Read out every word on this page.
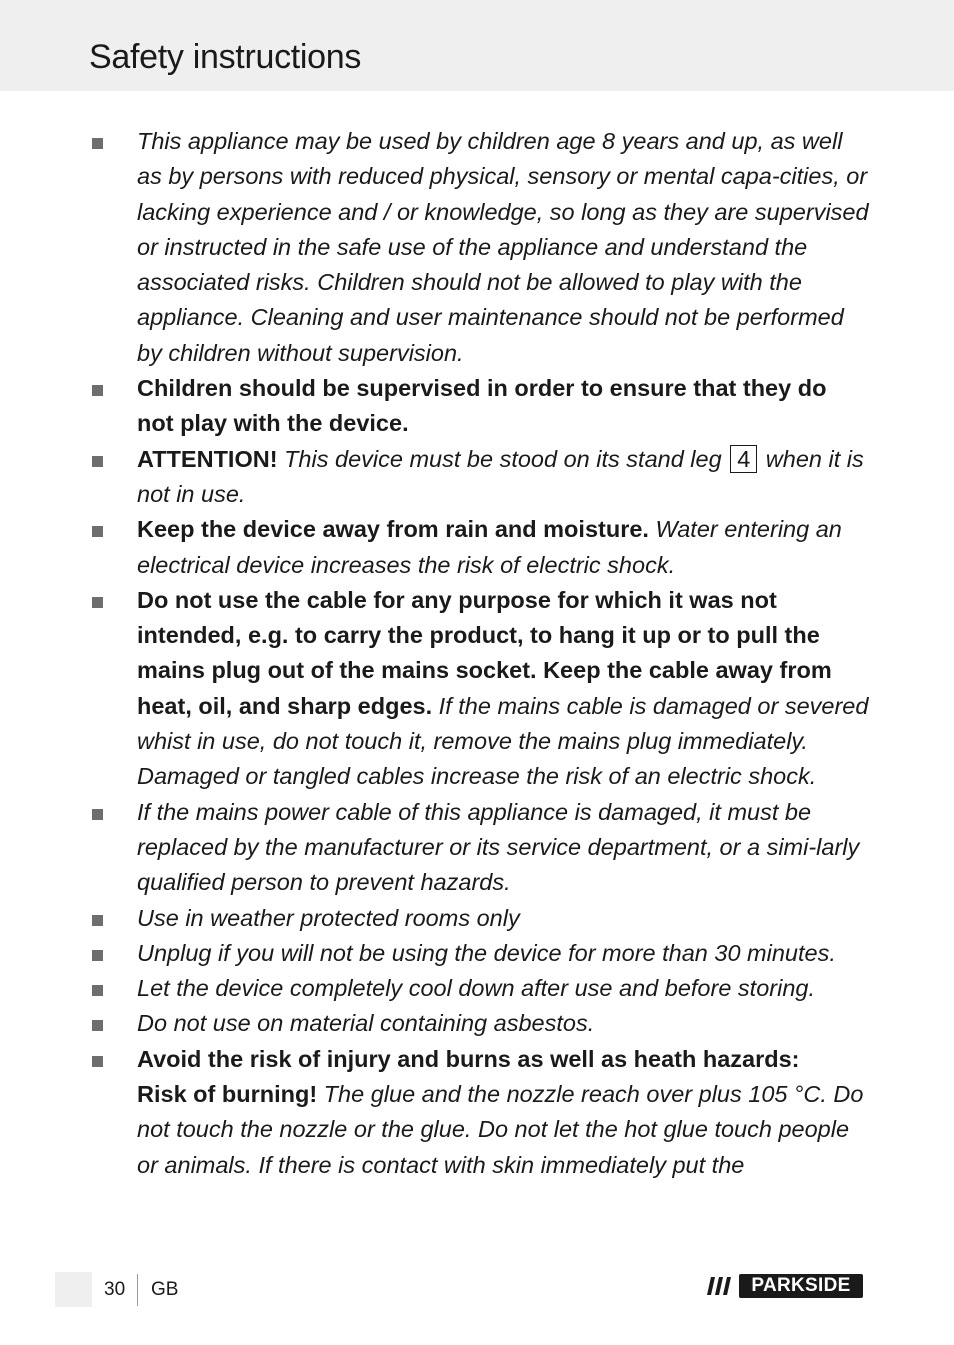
Safety instructions

This appliance may be used by children age 8 years and up, as well as by persons with reduced physical, sensory or mental capa-cities, or lacking experience and / or knowledge, so long as they are supervised or instructed in the safe use of the appliance and understand the associated risks. Children should not be allowed to play with the appliance. Cleaning and user maintenance should not be performed by children without supervision.

Children should be supervised in order to ensure that they do not play with the device.

ATTENTION! This device must be stood on its stand leg 4 when it is not in use.

Keep the device away from rain and moisture. Water entering an electrical device increases the risk of electric shock.

Do not use the cable for any purpose for which it was not intended, e.g. to carry the product, to hang it up or to pull the mains plug out of the mains socket. Keep the cable away from heat, oil, and sharp edges. If the mains cable is damaged or severed whist in use, do not touch it, remove the mains plug immediately.

Damaged or tangled cables increase the risk of an electric shock.

If the mains power cable of this appliance is damaged, it must be replaced by the manufacturer or its service department, or a simi-larly qualified person to prevent hazards.

Use in weather protected rooms only

Unplug if you will not be using the device for more than 30 minutes.

Let the device completely cool down after use and before storing.

Do not use on material containing asbestos.

Avoid the risk of injury and burns as well as heath hazards:

Risk of burning! The glue and the nozzle reach over plus 105 °C. Do not touch the nozzle or the glue. Do not let the hot glue touch people or animals. If there is contact with skin immediately put the

30 GB	PARKSIDE
